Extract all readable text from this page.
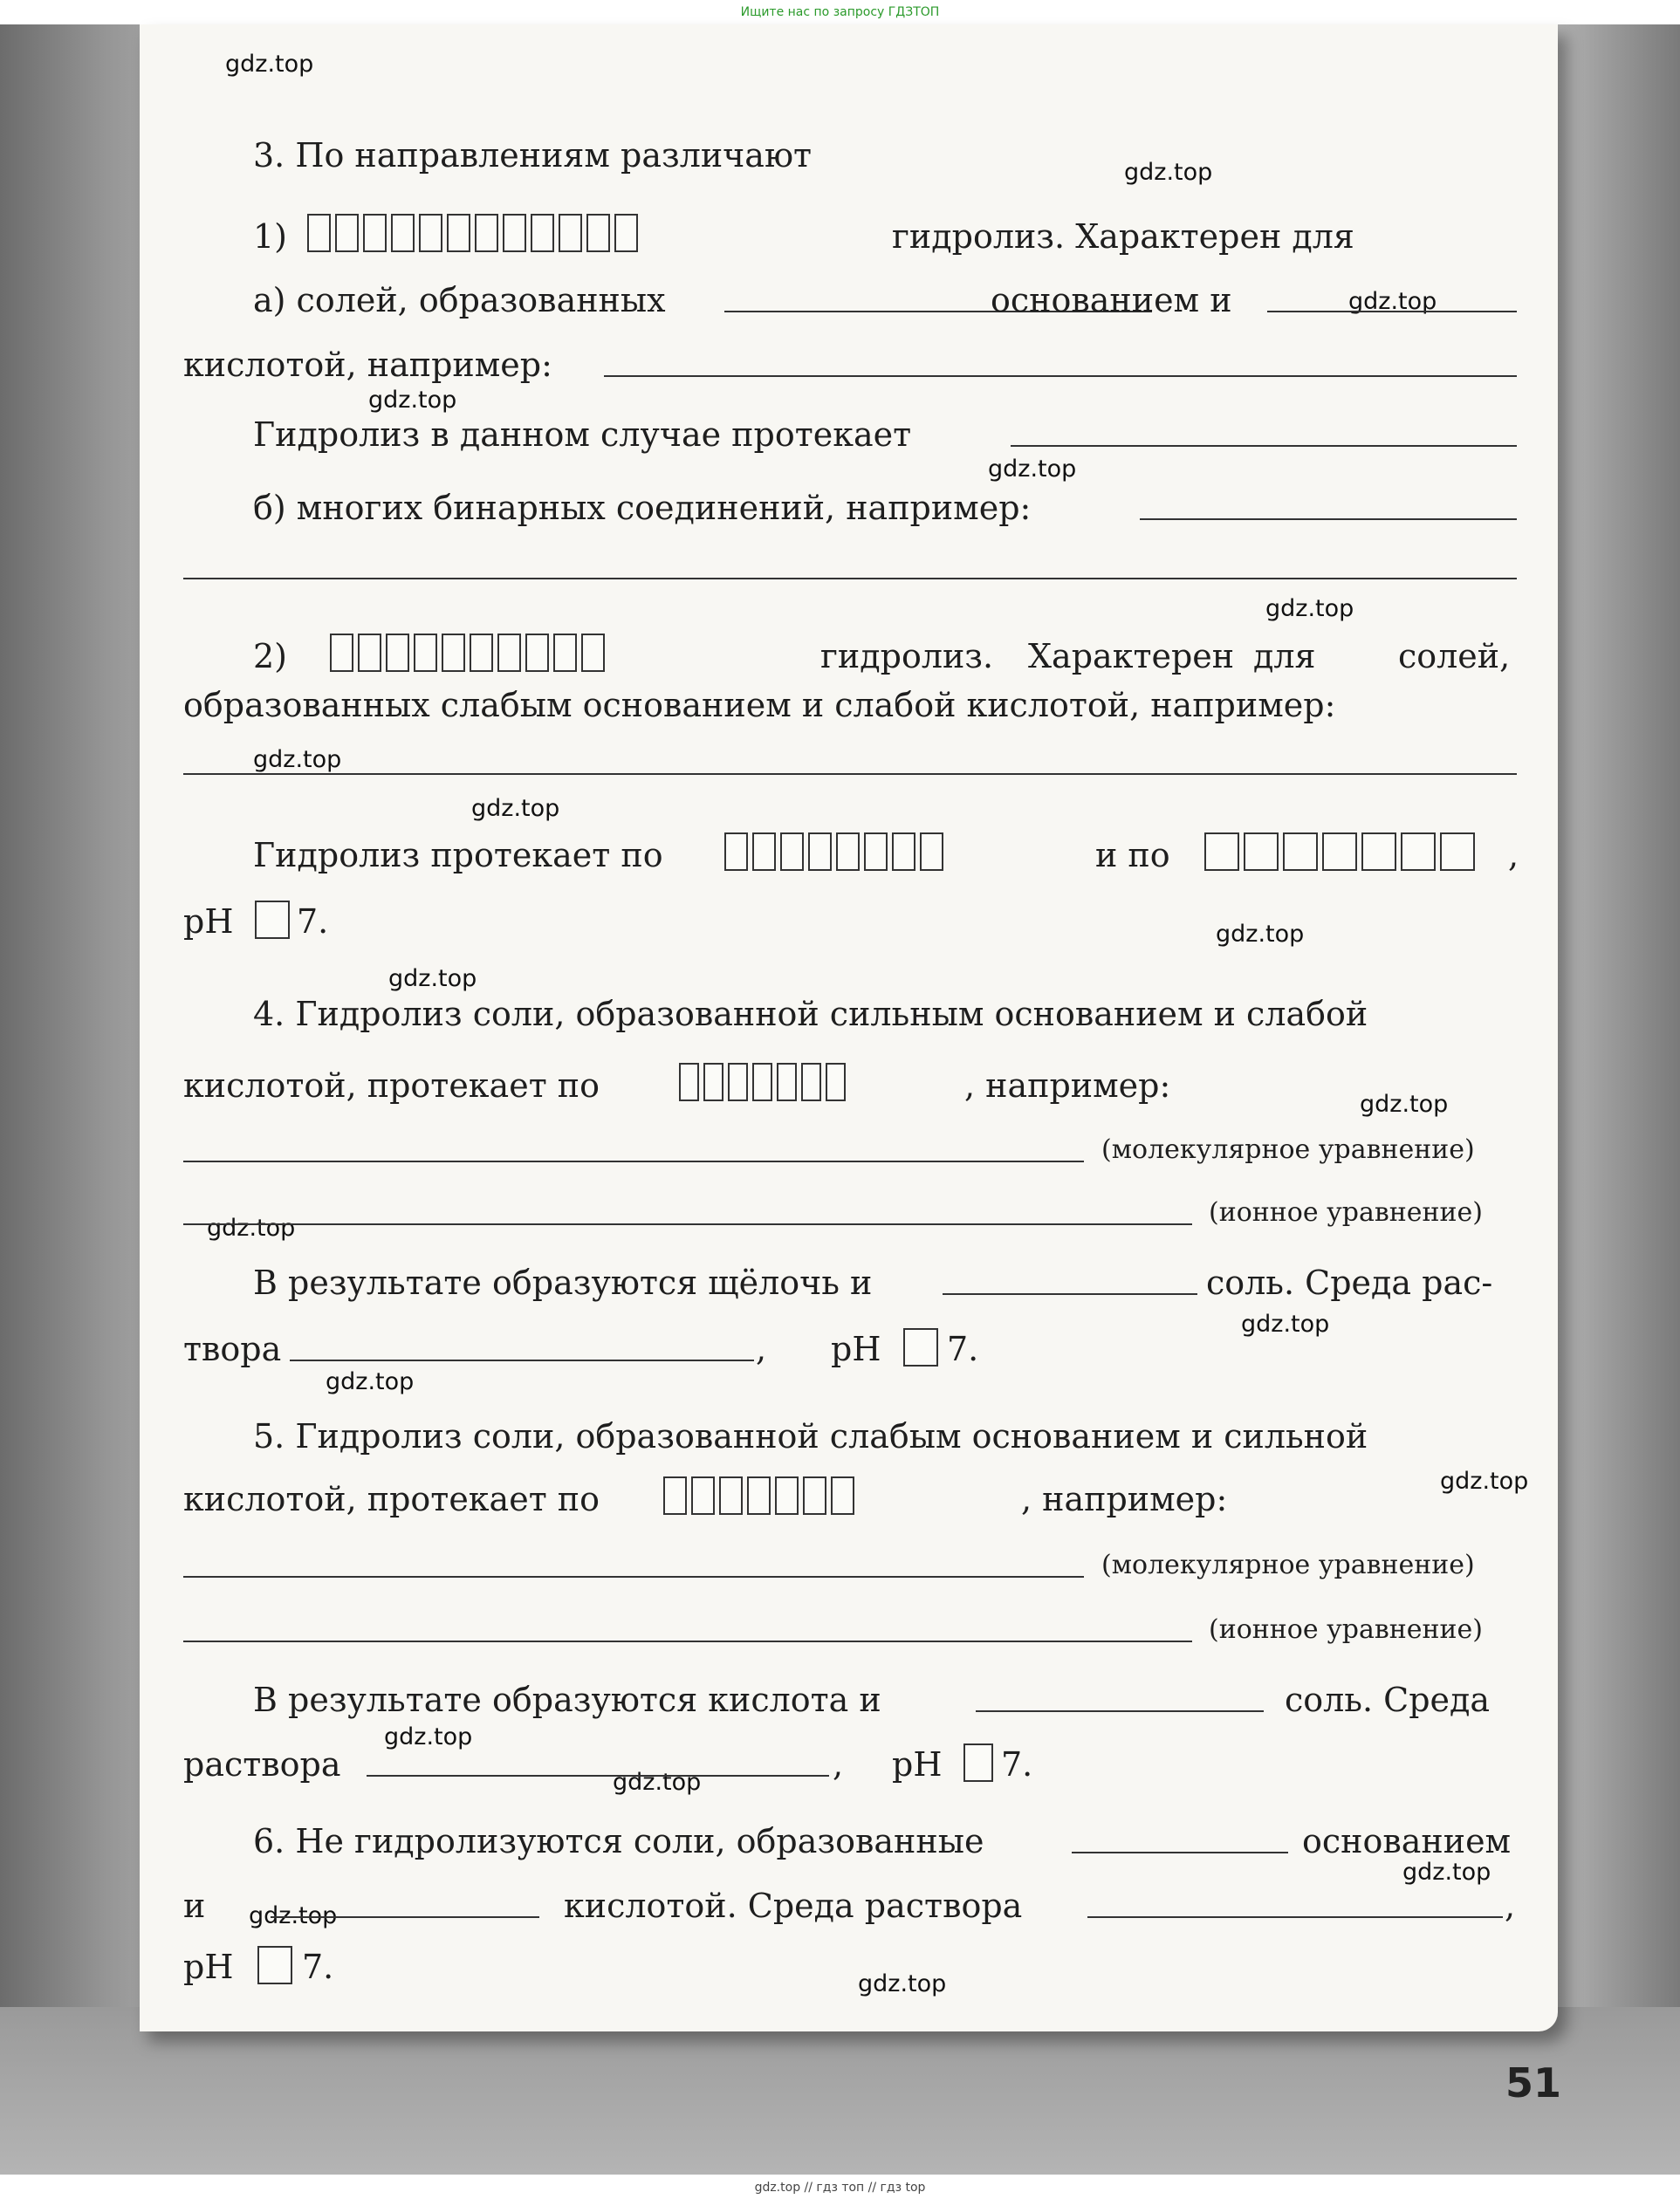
Ищите нас по запросу ГДЗТОП
gdz.top
gdz.top
gdz.top
gdz.top
gdz.top
gdz.top
gdz.top
gdz.top
gdz.top
gdz.top
gdz.top
gdz.top
gdz.top
gdz.top
gdz.top
gdz.top
gdz.top
gdz.top
gdz.top
gdz.top
3. По направлениям различают
1)	гидролиз. Характерен для
а) солей, образованных	основанием и
кислотой, например:
Гидролиз в данном случае протекает
б) многих бинарных соединений, например:
2)	гидролиз. Характерен для солей,
образованных слабым основанием и слабой кислотой, например:
Гидролиз протекает по	и по	,
pH 7.
4. Гидролиз соли, образованной сильным основанием и слабой
кислотой, протекает по	, например:
(молекулярное уравнение)
(ионное уравнение)
В результате образуются щёлочь и	соль. Среда рас-
твора	, pH 7.
5. Гидролиз соли, образованной слабым основанием и сильной
кислотой, протекает по	, например:
(молекулярное уравнение)
(ионное уравнение)
В результате образуются кислота и	соль. Среда
раствора	, pH 7.
6. Не гидролизуются соли, образованные	основанием
и	кислотой. Среда раствора	,
pH 7.
51
gdz.top // гдз топ // гдз top
